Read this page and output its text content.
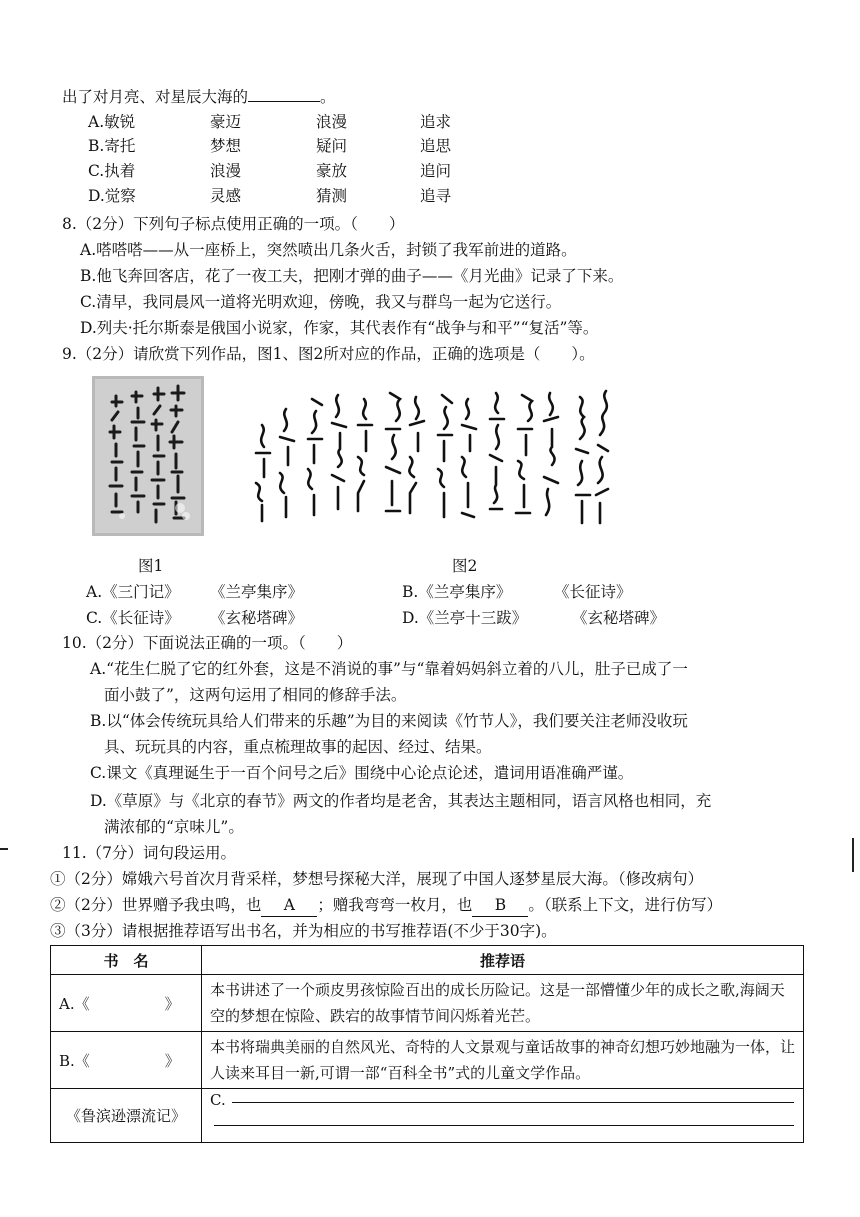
出了对月亮、对星辰大海的	。
A.敏锐	豪迈	浪漫	追求
B.寄托	梦想	疑问	追思
C.执着	浪漫	豪放	追问
D.觉察	灵感	猜测	追寻
8.（2分）下列句子标点使用正确的一项。（　　）
A.嗒嗒嗒——从一座桥上，突然喷出几条火舌，封锁了我军前进的道路。
B.他飞奔回客店，花了一夜工夫，把刚才弹的曲子——《月光曲》记录了下来。
C.清早，我同晨风一道将光明欢迎，傍晚，我又与群鸟一起为它送行。
D.列夫·托尔斯泰是俄国小说家，作家，其代表作有“战争与和平”“复活”等。
9.（2分）请欣赏下列作品，图1、图2所对应的作品，正确的选项是（　　）。
图1	图2
A.《三门记》 《兰亭集序》	B.《兰亭集序》	《长征诗》
C.《长征诗》 《玄秘塔碑》	D.《兰亭十三跋》	《玄秘塔碑》
10.（2分）下面说法正确的一项。（　　）
A.“花生仁脱了它的红外套，这是不消说的事”与“靠着妈妈斜立着的八儿，肚子已成了一
面小鼓了”，这两句运用了相同的修辞手法。
B.以“体会传统玩具给人们带来的乐趣”为目的来阅读《竹节人》，我们要关注老师没收玩
具、玩玩具的内容，重点梳理故事的起因、经过、结果。
C.课文《真理诞生于一百个问号之后》围绕中心论点论述，遣词用语准确严谨。
D.《草原》与《北京的春节》两文的作者均是老舍，其表达主题相同，语言风格也相同，充
满浓郁的“京味儿”。
11.（7分）词句段运用。
①（2分）嫦娥六号首次月背采样，梦想号探秘大洋，展现了中国人逐梦星辰大海。（修改病句）
②（2分）世界赠予我虫鸣，也 A ；赠我弯弯一枚月，也 B 。（联系上下文，进行仿写）
③（3分）请根据推荐语写出书名，并为相应的书写推荐语(不少于30字)。
书　名	推荐语
A.《　　　　　》	本书讲述了一个顽皮男孩惊险百出的成长历险记。这是一部懵懂少年的成长之歌,海阔天空的梦想在惊险、跌宕的故事情节间闪烁着光芒。
B.《　　　　　》	本书将瑞典美丽的自然风光、奇特的人文景观与童话故事的神奇幻想巧妙地融为一体，让人读来耳目一新,可谓一部“百科全书”式的儿童文学作品。
《鲁滨逊漂流记》	C.
